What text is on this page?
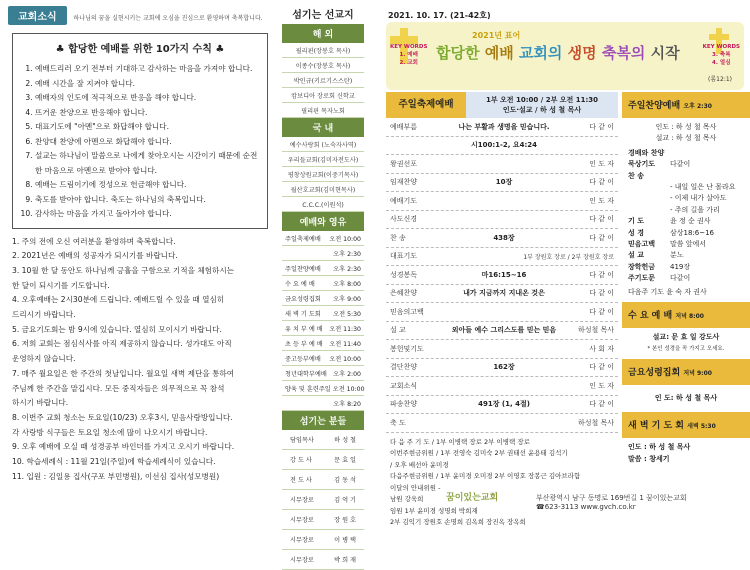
교회소식	하나님의 꿈을 실현시키는 교회에 오심을 진심으로 환영하며 축복합니다.
♣ 합당한 예배를 위한 10가지 수칙 ♣
1. 예배드리러 오기 전부터 기대하고 감사하는 마음을 가져야 합니다.
2. 예배 시간을 잘 지켜야 합니다.
3. 예배자의 인도에 적극적으로 반응을 해야 합니다.
4. 뜨거운 찬양으로 반응해야 합니다.
5. 대표기도에 "아멘"으로 화답해야 합니다.
6. 찬양대 찬양에 아멘으로 화답해야 합니다.
7. 설교는 하나님이 말씀으로 나에게 찾아오시는 시간이기 때문에 순전한 마음으로 아멘으로 받아야 합니다.
8. 예배는 드림이기에 정성으로 헌금해야 합니다.
9. 축도를 받아야 합니다. 축도는 하나님의 축복입니다.
10. 감사하는 마음을 가지고 돌아가야 합니다.
1. 주의 전에 오신 여러분을 환영하며 축복합니다.
2. 2021년은 예배의 성공자가 되시기를 바랍니다.
3. 10월 한 달 동안도 하나님께 긍휼을 구함으로 기적을 체험하시는
한 달이 되시기를 기도합니다.
4. 오후예배는 2시30분에 드립니다. 예배드릴 수 있을 때 열심히
드리시기 바랍니다.
5. 금요기도회는 밤 9시에 있습니다. 열심히 모이시기 바랍니다.
6. 저희 교회는 점심식사를 아직 제공하지 않습니다. 성가대도 아직
운영하지 않습니다.
7. 매주 월요일은 한 주간의 첫날입니다. 월요일 새벽 제단을 통하여
주님께 한 주간을 맡깁시다. 모든 중직자들은 의무적으로 꼭 참석
하시기 바랍니다.
8. 이번주 교회 청소는 토요일(10/23) 오후3시, 믿음사랑방입니다.
각 사랑방 식구들은 토요일 청소에 많이 나오시기 바랍니다.
9. 오후 예배에 오실 때 성경공부 바인더를 가지고 오시기 바랍니다.
10. 학습세례식 : 11월 21일(주일)에 학습세례식이 있습니다.
11. 입원 : 김일용 집사(구포 부민병원), 이선심 집사(성모병원)
섬기는 선교지
해 외
필리핀(장봉호 목사)
이종수(장봉호 목사)
박인규(키르기스스탄)
캄보디아 장로회 신학교
필리핀 목자노회
국 내
예수사랑회 (노숙자사역)
우리들교회(김미자전도사)
평창상원교회(이중기목사)
월산호교회(김미현목사)
C.C.C.(이원석)
예배와 영유
주일축제예배 오전 10:00
오후 2:30
주일찬양예배 오후 2:30
수 요 예 배	오후 8:00
금요성령집회 오후 9:00
새 벽 기 도회 오전 5:30
유 치 부 예 배 오전 11:30
초 등 부 예 배 오전 11:40
중고등부예배 오전 10:00
청년대학부예배 오후 2:00
양육 및 훈련 주일 오전 10:00
오후 8:20
섬기는 분들
담임목사	하 성 철
강 도 사	문 효 일
전 도 사	김 동 석
시무장로	김 억 기
시무장로	장 원 호
시무장로	이 병 택
시무장로	박 희 재
2021. 10. 17. (21-42호)
KEY WORDS
1. 예배
2. 교회
KEY WORDS
3. 축복
4. 열심
2021년 표어
합당한 예배 교회의 생명 축복의 시작
(롬12:1)
주일축제예배	1부 오전 10:00 / 2부 오전 11:30
인도·설교 / 하 성 철 목사
예배부름	나는 부활과 생명을 믿습니다.	다 같 이
시100:1-2, 요4:24
왕권선포	인 도 자
임재찬양	10장	다 같 이
예배기도	인 도 자
사도신경	다 같 이
찬 송	438장	다 같 이
대표기도	1부 장원호 장로 / 2부 장원호 장로
성경봉독	마16:15~16	다 같 이
은혜찬양	내가 지금까지 지내온 것은	다 같 이
믿음의고백	다 같 이
설 교	외아들 예수 그리스도를 믿는 믿음	하성철 목사
봉헌및기도	사 회 자
결단찬양	162장	다 같 이
교회소식	인 도 자
파송찬양	491장 (1, 4절)	다 같 이
축 도	하성철 목사
다 음 주 기 도 / 1부 이병택 장로 2부 이병택 장로
이번주현금위원 / 1부 전영숙 김미숙 2부 권태선 윤용태 김석기
/ 오후 배선아 윤미경
다음주현금위원 / 1부 윤미경 오미경 2부 이영호 장봉근 김아브라함
이달의 안내위원 -
남원 강욱희
임원 1부 윤미경 성명희 박희재
2부 김익기 장원호 손명희 김옥희 장진옥 장옥희
주일찬양예배 오후 2:30
인도 : 하 성 철 목사
설교 : 하 성 철 목사
경배와 찬양
묵상기도	다같이
찬 송
- 내일 일은 난 몰라요
- 이제 내가 살아도
- 주의 길을 가리
기 도	윤 정 순 권사
성 경	삼상18:6~16
믿음고백	말씀 앞에서
설 교	분노
장학헌금	419장
주기도문	다같이
다음주 기도 윤 숙 자 권사
수 요 예 배 저녁 8:00
설교: 문 효 일 강도사
* 본인 성경을 꼭 가지고 오세요.
금요성령집회 저녁 9:00
인 도: 하 성 철 목사
새 벽 기 도 회 새벽 5:30
인도 : 하 성 철 목사
말씀 : 창세기
꿈이있는교회	부산광역시 남구 동명로 169번길 1 꿈이있는교회
☎623-3113 www.gvch.co.kr
